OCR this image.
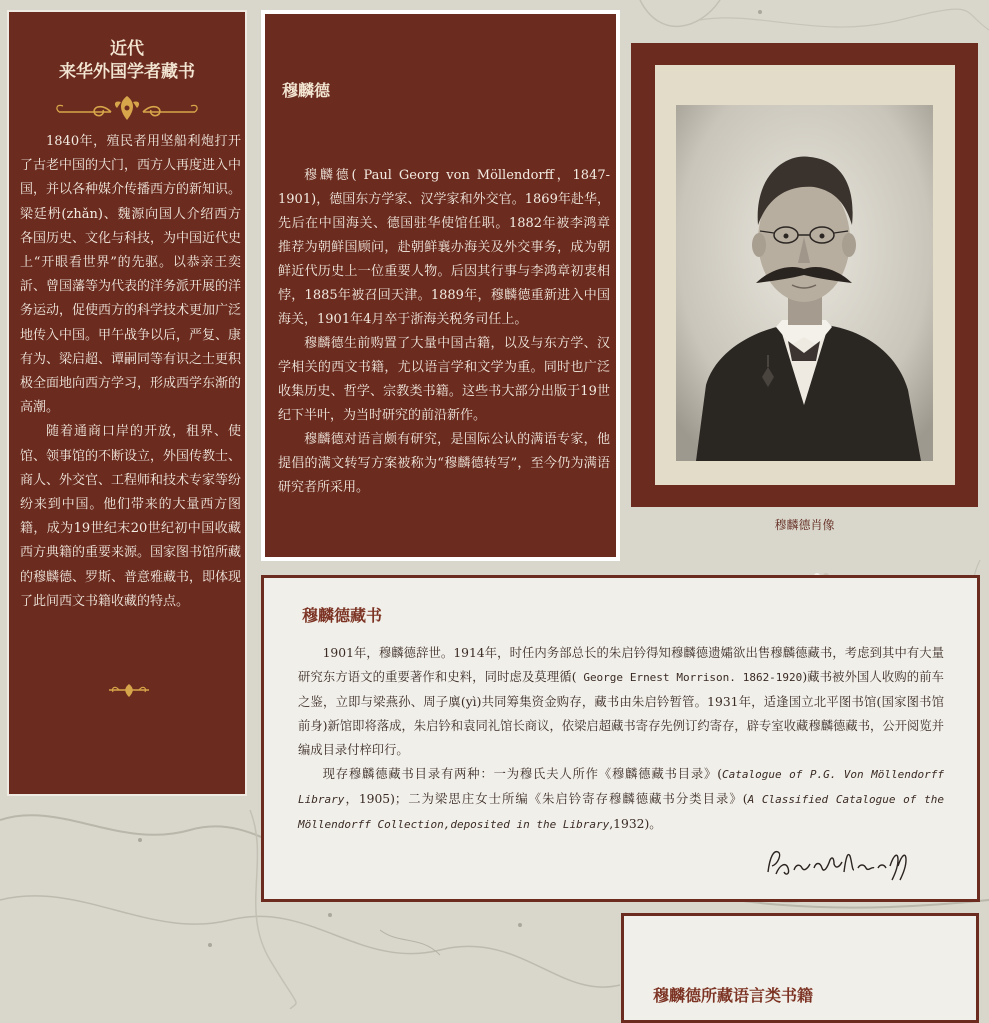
近代
来华外国学者藏书

1840年，殖民者用坚船利炮打开了古老中国的大门，西方人再度进入中国，并以各种媒介传播西方的新知识。梁廷枬(zhǎn)、魏源向国人介绍西方各国历史、文化与科技，为中国近代史上“开眼看世界”的先驱。以恭亲王奕訢、曾国藩等为代表的洋务派开展的洋务运动，促使西方的科学技术更加广泛地传入中国。甲午战争以后，严复、康有为、梁启超、谭嗣同等有识之士更积极全面地向西方学习，形成西学东渐的高潮。

随着通商口岸的开放，租界、使馆、领事馆的不断设立，外国传教士、商人、外交官、工程师和技术专家等纷纷来到中国。他们带来的大量西方图籍，成为19世纪末20世纪初中国收藏西方典籍的重要来源。国家图书馆所藏的穆麟德、罗斯、普意雅藏书，即体现了此间西文书籍收藏的特点。

穆麟德

穆麟德( Paul Georg von Möllendorff，1847-1901)，德国东方学家、汉学家和外交官。1869年赴华，先后在中国海关、德国驻华使馆任职。1882年被李鸿章推荐为朝鲜国顾问，赴朝鲜襄办海关及外交事务，成为朝鲜近代历史上一位重要人物。后因其行事与李鸿章初衷相悖，1885年被召回天津。1889年，穆麟德重新进入中国海关，1901年4月卒于浙海关税务司任上。

穆麟德生前购置了大量中国古籍，以及与东方学、汉学相关的西文书籍，尤以语言学和文学为重。同时也广泛收集历史、哲学、宗教类书籍。这些书大部分出版于19世纪下半叶，为当时研究的前沿新作。

穆麟德对语言颇有研究，是国际公认的满语专家，他提倡的满文转写方案被称为“穆麟德转写”，至今仍为满语研究者所采用。

穆麟德肖像
穆麟德藏书

1901年，穆麟德辞世。1914年，时任内务部总长的朱启钤得知穆麟德遗孀欲出售穆麟德藏书，考虑到其中有大量研究东方语文的重要著作和史料，同时虑及莫理循( George Ernest Morrison. 1862-1920)藏书被外国人收购的前车之鉴，立即与梁燕孙、周子廙(yì)共同筹集资金购存，藏书由朱启钤暂管。1931年，适逢国立北平图书馆(国家图书馆前身)新馆即将落成，朱启钤和袁同礼馆长商议，依梁启超藏书寄存先例订约寄存，辟专室收藏穆麟德藏书，公开阅览并编成目录付梓印行。

现存穆麟德藏书目录有两种：一为穆氏夫人所作《穆麟德藏书目录》(Catalogue of P.G. Von Möllendorff Library，1905)；二为梁思庄女士所编《朱启钤寄存穆麟德藏书分类目录》(A Classified Catalogue of the Möllendorff Collection,deposited in the Library,1932)。

穆麟德所藏语言类书籍
